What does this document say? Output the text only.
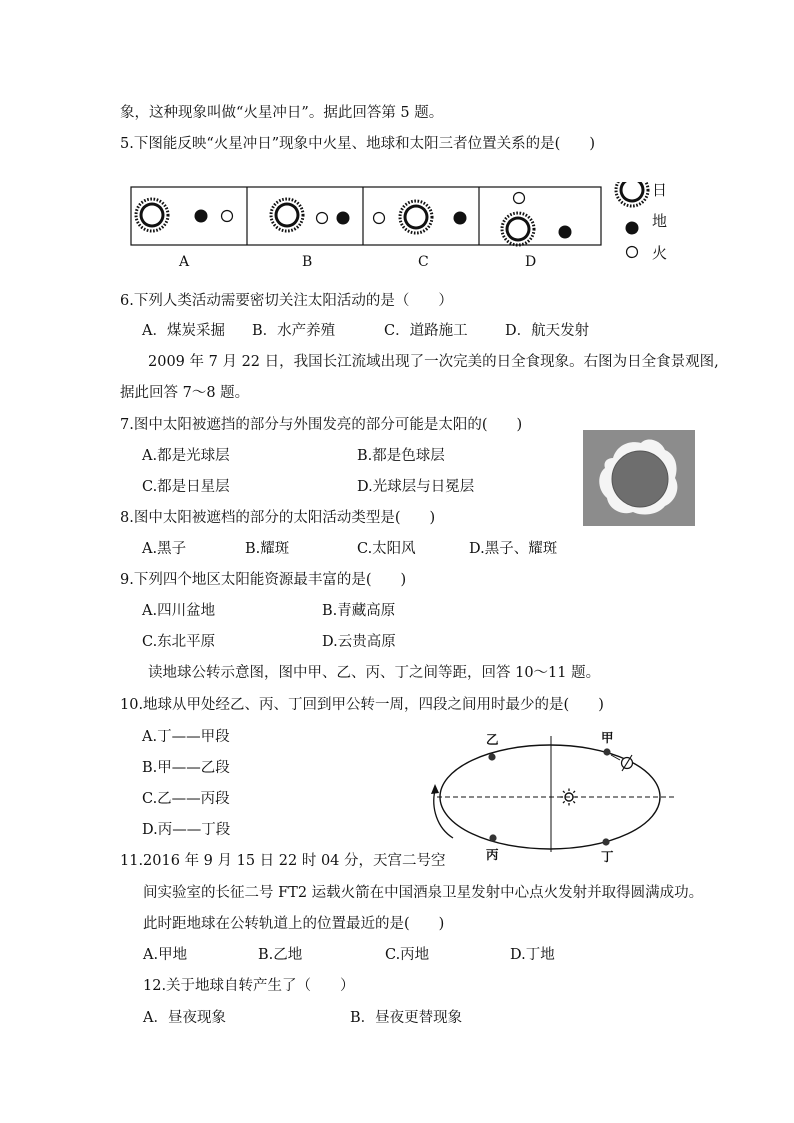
象，这种现象叫做“火星冲日”。据此回答第 5 题。
5.下图能反映“火星冲日”现象中火星、地球和太阳三者位置关系的是(　　)
A	B	C	D
日
地
火
6.下列人类活动需要密切关注太阳活动的是（　　）
A．煤炭采掘 B．水产养殖	C．道路施工	D．航天发射
2009 年 7 月 22 日，我国长江流域出现了一次完美的日全食现象。右图为日全食景观图,
据此回答 7～8 题。
7.图中太阳被遮挡的部分与外围发亮的部分可能是太阳的(　　)
A.都是光球层	B.都是色球层
C.都是日星层	D.光球层与日冕层
8.图中太阳被遮档的部分的太阳活动类型是(　　)
A.黑子	B.耀斑	C.太阳风	D.黑子、耀斑
9.下列四个地区太阳能资源最丰富的是(　　)
A.四川盆地	B.青藏高原
C.东北平原	D.云贵高原
读地球公转示意图，图中甲、乙、丙、丁之间等距，回答 10～11 题。
10.地球从甲处经乙、丙、丁回到甲公转一周，四段之间用时最少的是(　　)
A.丁——甲段
B.甲——乙段
C.乙——丙段
D.丙——丁段
乙	甲
丙	丁
11.2016 年 9 月 15 日 22 时 04 分，天宫二号空
间实验室的长征二号 FT2 运载火箭在中国酒泉卫星发射中心点火发射并取得圆满成功。
此时距地球在公转轨道上的位置最近的是(　　)
A.甲地	B.乙地	C.丙地	D.丁地
12.关于地球自转产生了（　　）
A．昼夜现象	B．昼夜更替现象
